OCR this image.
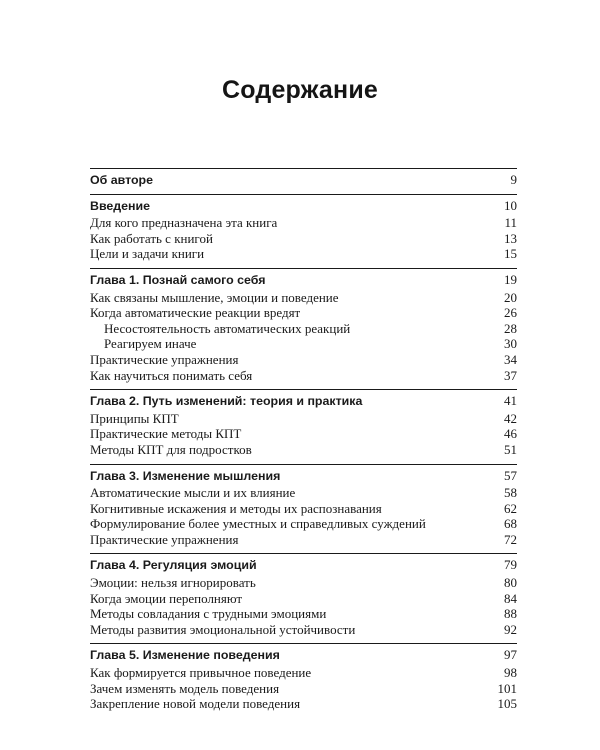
Содержание
Об авторе	9
Введение	10
Для кого предназначена эта книга	11
Как работать с книгой	13
Цели и задачи книги	15
Глава 1. Познай самого себя	19
Как связаны мышление, эмоции и поведение	20
Когда автоматические реакции вредят	26
Несостоятельность автоматических реакций	28
Реагируем иначе	30
Практические упражнения	34
Как научиться понимать себя	37
Глава 2. Путь изменений: теория и практика	41
Принципы КПТ	42
Практические методы КПТ	46
Методы КПТ для подростков	51
Глава 3. Изменение мышления	57
Автоматические мысли и их влияние	58
Когнитивные искажения и методы их распознавания	62
Формулирование более уместных и справедливых суждений	68
Практические упражнения	72
Глава 4. Регуляция эмоций	79
Эмоции: нельзя игнорировать	80
Когда эмоции переполняют	84
Методы совладания с трудными эмоциями	88
Методы развития эмоциональной устойчивости	92
Глава 5. Изменение поведения	97
Как формируется привычное поведение	98
Зачем изменять модель поведения	101
Закрепление новой модели поведения	105
